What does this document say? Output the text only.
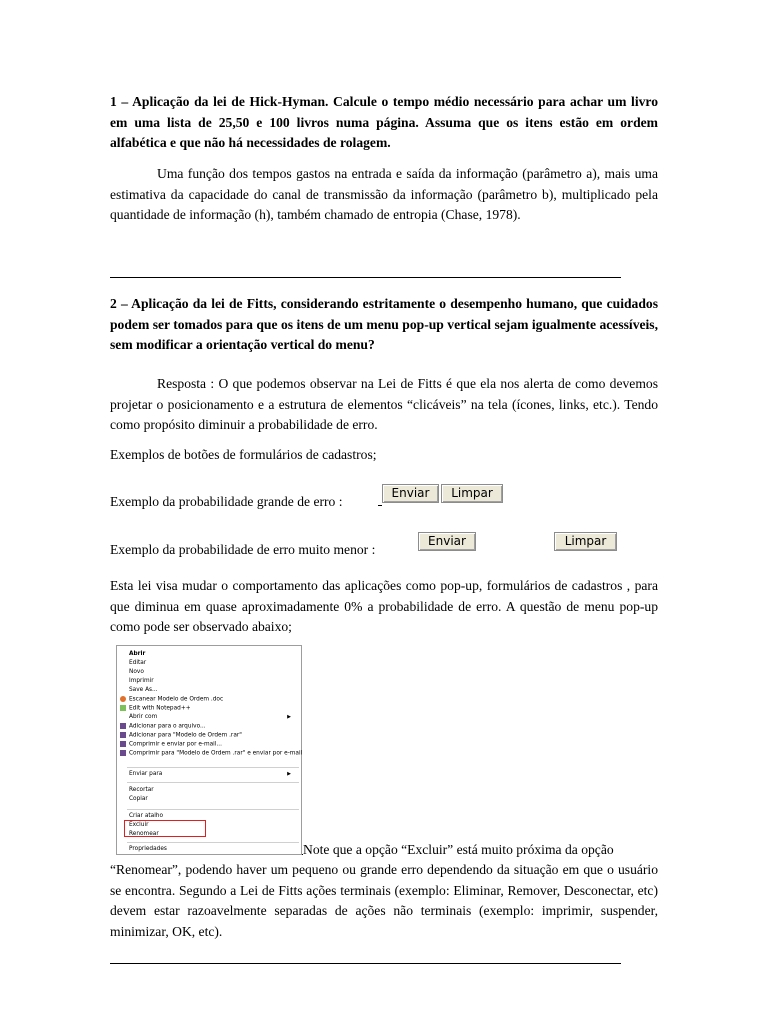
1 – Aplicação da lei de Hick-Hyman. Calcule o tempo médio necessário para achar um livro em uma lista de 25,50 e 100 livros numa página. Assuma que os itens estão em ordem alfabética e que não há necessidades de rolagem.
Uma função dos tempos gastos na entrada e saída da informação (parâmetro a), mais uma estimativa da capacidade do canal de transmissão da informação (parâmetro b), multiplicado pela quantidade de informação (h), também chamado de entropia (Chase, 1978).
2 – Aplicação da lei de Fitts, considerando estritamente o desempenho humano, que cuidados podem ser tomados para que os itens de um menu pop-up vertical sejam igualmente acessíveis, sem modificar a orientação vertical do menu?
Resposta : O que podemos observar na Lei de Fitts é que ela nos alerta de como devemos projetar o posicionamento e a estrutura de elementos “clicáveis” na tela (ícones, links, etc.). Tendo como propósito diminuir a probabilidade de erro.
Exemplos de botões de formulários de cadastros;
Exemplo da probabilidade grande de erro :
Enviar	Limpar
Exemplo da probabilidade de erro muito menor :
Enviar	Limpar
Esta lei visa mudar o comportamento das aplicações como pop-up, formulários de cadastros , para que diminua em quase aproximadamente 0% a probabilidade de erro. A questão de menu pop-up como pode ser observado abaixo;
Abrir
Editar
Novo
Imprimir
Save As...
Escanear Modelo de Ordem .doc
Edit with Notepad++
Abrir com	▶
Adicionar para o arquivo...
Adicionar para "Modelo de Ordem .rar"
Comprimir e enviar por e-mail...
Comprimir para "Modelo de Ordem .rar" e enviar por e-mail
Enviar para	▶
Recortar
Copiar
Criar atalho
Excluir
Renomear
Propriedades	Note que a opção “Excluir” está muito próxima da opção
“Renomear”, podendo haver um pequeno ou grande erro dependendo da situação em que o usuário se encontra. Segundo a Lei de Fitts ações terminais (exemplo: Eliminar, Remover, Desconectar, etc) devem estar razoavelmente separadas de ações não terminais (exemplo: imprimir, suspender, minimizar, OK, etc).
